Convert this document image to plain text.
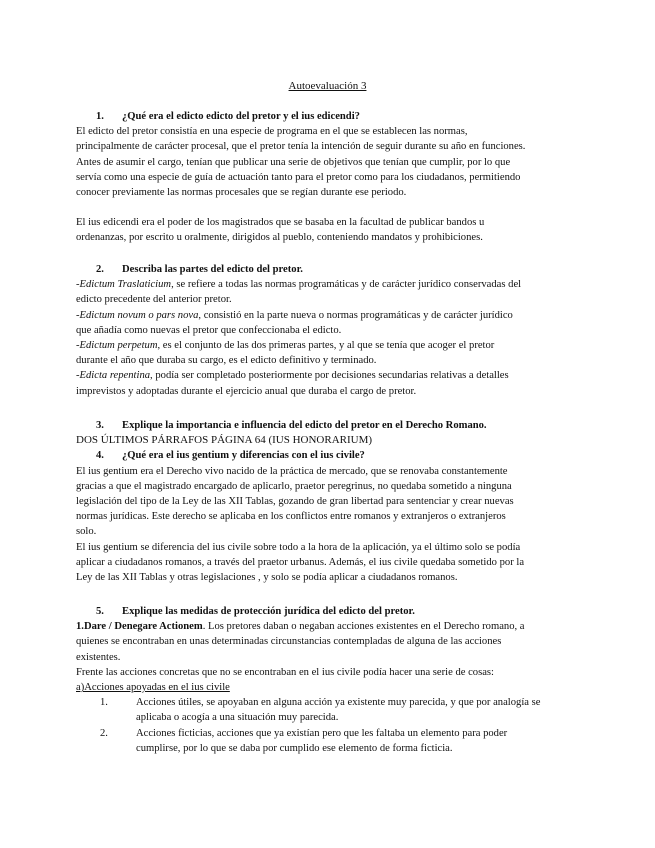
Autoevaluación 3
1. ¿Qué era el edicto edicto del pretor y el ius edicendi?

El edicto del pretor consistía en una especie de programa en el que se establecen las normas,

principalmente de carácter procesal, que el pretor tenía la intención de seguir durante su año en funciones.

Antes de asumir el cargo, tenían que publicar una serie de objetivos que tenían que cumplir, por lo que

servía como una especie de guía de actuación tanto para el pretor como para los ciudadanos, permitiendo

conocer previamente las normas procesales que se regían durante ese periodo.

El ius edicendi era el poder de los magistrados que se basaba en la facultad de publicar bandos u

ordenanzas, por escrito u oralmente, dirigidos al pueblo, conteniendo mandatos y prohibiciones.

2. Describa las partes del edicto del pretor.

-Edictum Traslaticium, se refiere a todas las normas programáticas y de carácter jurídico conservadas del

edicto precedente del anterior pretor.

-Edictum novum o pars nova, consistió en la parte nueva o normas programáticas y de carácter jurídico

que añadía como nuevas el pretor que confeccionaba el edicto.

-Edictum perpetum, es el conjunto de las dos primeras partes, y al que se tenía que acoger el pretor

durante el año que duraba su cargo, es el edicto definitivo y terminado.

-Edicta repentina, podía ser completado posteriormente por decisiones secundarias relativas a detalles

imprevistos y adoptadas durante el ejercicio anual que duraba el cargo de pretor.

3. Explique la importancia e influencia del edicto del pretor en el Derecho Romano.

DOS ÚLTIMOS PÁRRAFOS PÁGINA 64 (IUS HONORARIUM)

4. ¿Qué era el ius gentium y diferencias con el ius civile?

El ius gentium era el Derecho vivo nacido de la práctica de mercado, que se renovaba constantemente

gracias a que el magistrado encargado de aplicarlo, praetor peregrinus, no quedaba sometido a ninguna

legislación del tipo de la Ley de las XII Tablas, gozando de gran libertad para sentenciar y crear nuevas

normas jurídicas. Este derecho se aplicaba en los conflictos entre romanos y extranjeros o extranjeros

solo.

El ius gentium se diferencia del ius civile sobre todo a la hora de la aplicación, ya el último solo se podía

aplicar a ciudadanos romanos, a través del praetor urbanus. Además, el ius civile quedaba sometido por la

Ley de las XII Tablas y otras legislaciones , y solo se podía aplicar a ciudadanos romanos.

5. Explique las medidas de protección jurídica del edicto del pretor.

1.Dare / Denegare Actionem. Los pretores daban o negaban acciones existentes en el Derecho romano, a

quienes se encontraban en unas determinadas circunstancias contempladas de alguna de las acciones

existentes.

Frente las acciones concretas que no se encontraban en el ius civile podía hacer una serie de cosas:

a)Acciones apoyadas en el ius civile

1.	Acciones útiles, se apoyaban en alguna acción ya existente muy parecida, y que por analogía se

aplicaba o acogía a una situación muy parecida.

2.	Acciones ficticias, acciones que ya existían pero que les faltaba un elemento para poder

cumplirse, por lo que se daba por cumplido ese elemento de forma ficticia.
